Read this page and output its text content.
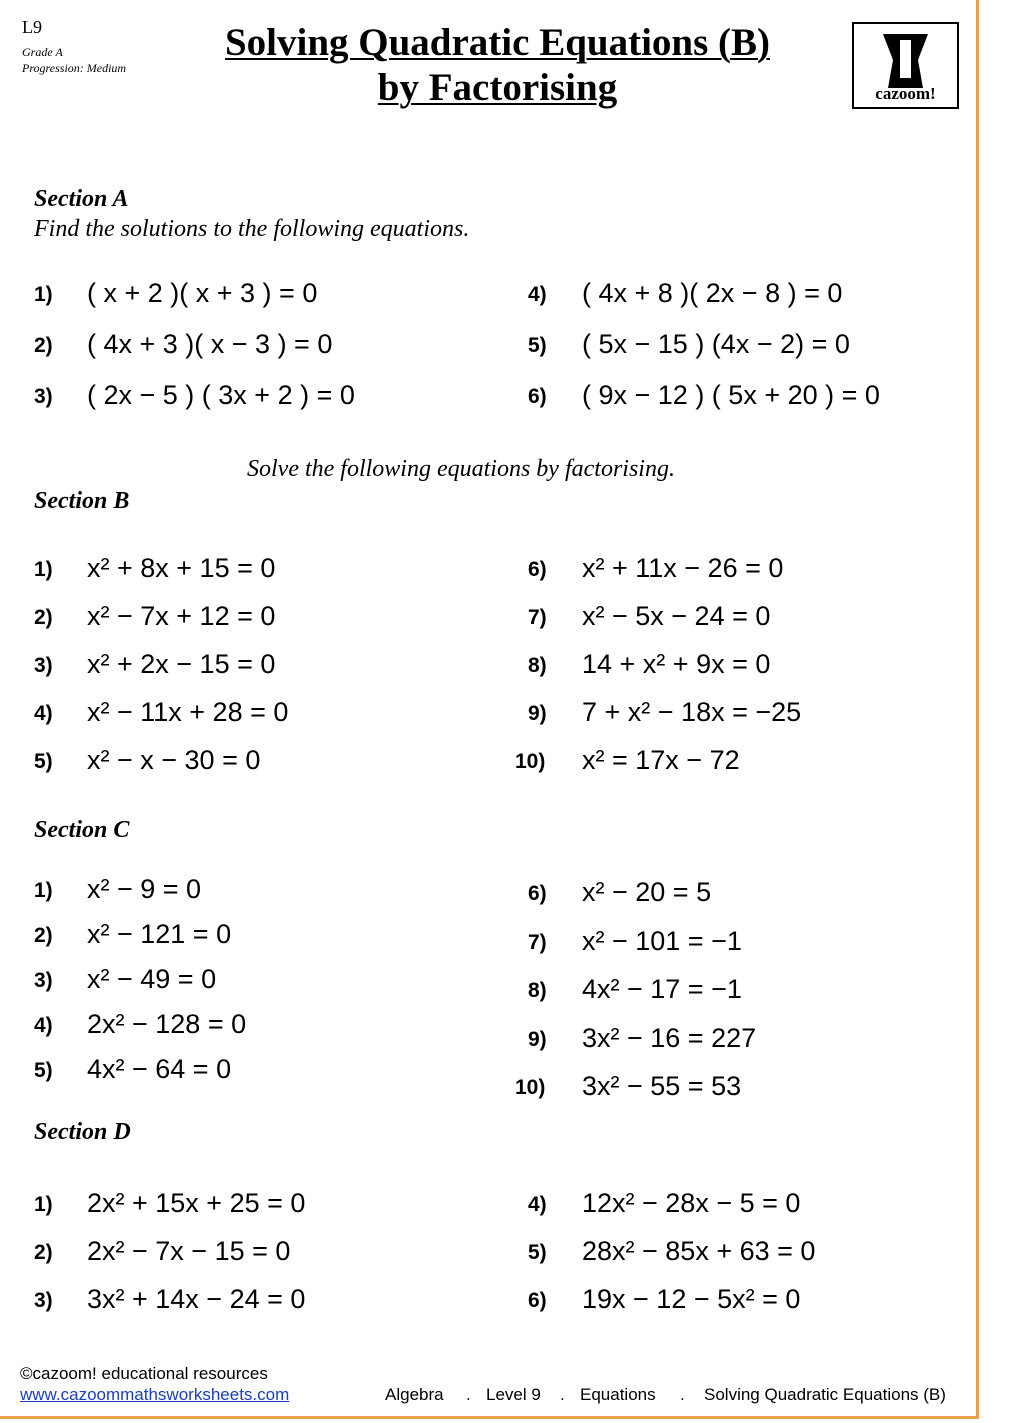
L9
Grade A
Progression: Medium
Solving Quadratic Equations (B)
by Factorising	cazoom!
Section A
Find the solutions to the following equations.
1) ( x + 2 )( x + 3 ) = 0
2) ( 4x + 3 )( x − 3 ) = 0
3) ( 2x − 5 ) ( 3x + 2 ) = 0
4) ( 4x + 8 )( 2x − 8 ) = 0
5) ( 5x − 15 ) (4x − 2) = 0
6) ( 9x − 12 ) ( 5x + 20 ) = 0
Solve the following equations by factorising.
Section B
1) x² + 8x + 15 = 0
2) x² − 7x + 12 = 0
3) x² + 2x − 15 = 0
4) x² − 11x + 28 = 0
5) x² − x − 30 = 0
6) x² + 11x − 26 = 0
7) x² − 5x − 24 = 0
8) 14 + x² + 9x = 0
9) 7 + x² − 18x = −25
10) x² = 17x − 72
Section C
1) x² − 9 = 0
2) x² − 121 = 0
3) x² − 49 = 0
4) 2x² − 128 = 0
5) 4x² − 64 = 0
6) x² − 20 = 5
7) x² − 101 = −1
8) 4x² − 17 = −1
9) 3x² − 16 = 227
10) 3x² − 55 = 53
Section D
1) 2x² + 15x + 25 = 0
2) 2x² − 7x − 15 = 0
3) 3x² + 14x − 24 = 0
4) 12x² − 28x − 5 = 0
5) 28x² − 85x + 63 = 0
6) 19x − 12 − 5x² = 0
©cazoom! educational resources
www.cazoommathsworksheets.com	Algebra . Level 9 . Equations . Solving Quadratic Equations (B)
